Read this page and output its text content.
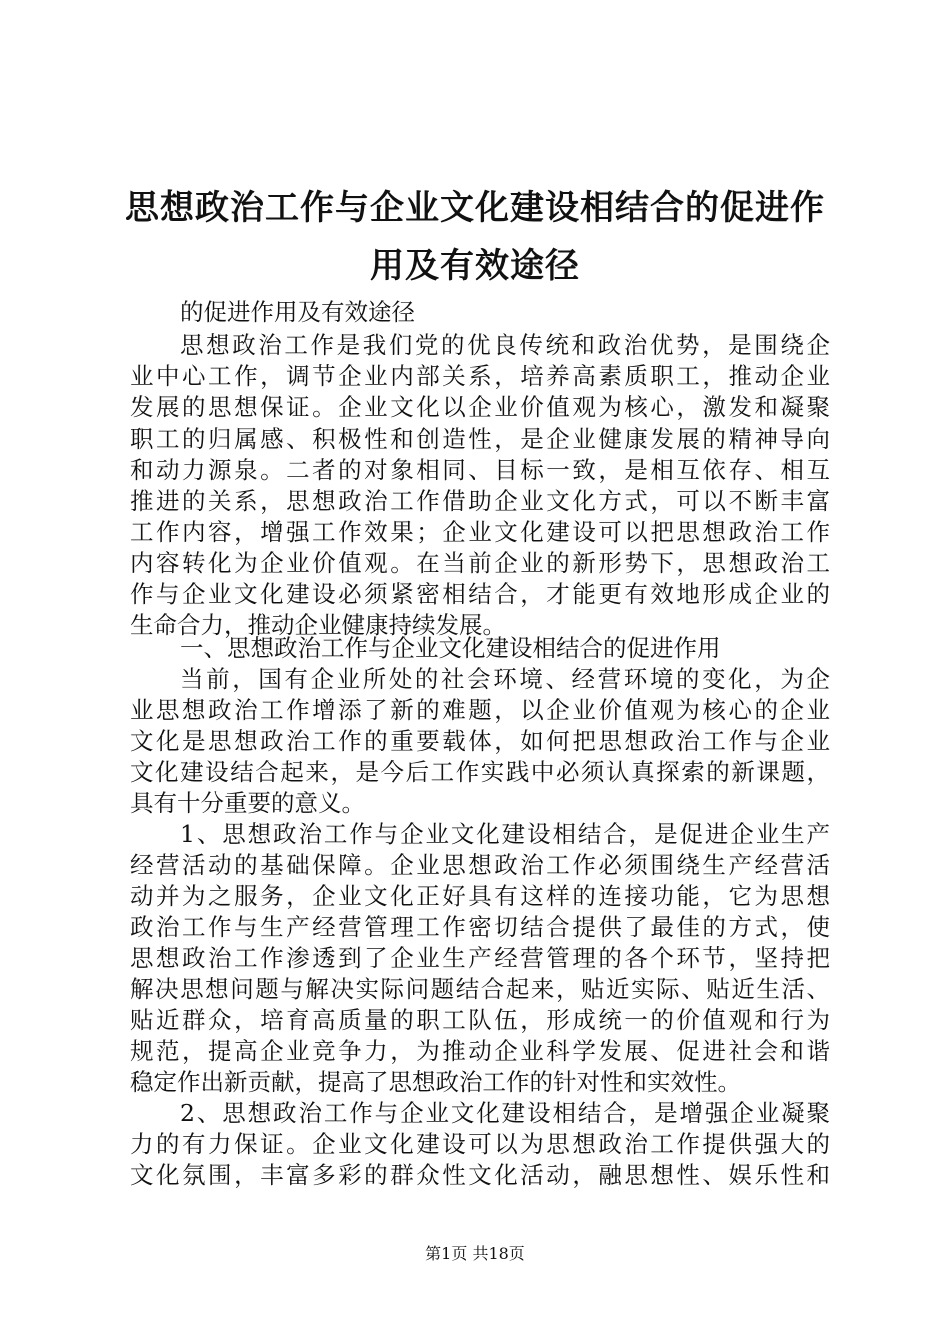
思想政治工作与企业文化建设相结合的促进作
用及有效途径
的促进作用及有效途径
思想政治工作是我们党的优良传统和政治优势，是围绕企
业中心工作，调节企业内部关系，培养高素质职工，推动企业
发展的思想保证。企业文化以企业价值观为核心，激发和凝聚
职工的归属感、积极性和创造性，是企业健康发展的精神导向
和动力源泉。二者的对象相同、目标一致，是相互依存、相互
推进的关系，思想政治工作借助企业文化方式，可以不断丰富
工作内容，增强工作效果；企业文化建设可以把思想政治工作
内容转化为企业价值观。在当前企业的新形势下，思想政治工
作与企业文化建设必须紧密相结合，才能更有效地形成企业的
生命合力，推动企业健康持续发展。
一、思想政治工作与企业文化建设相结合的促进作用
当前，国有企业所处的社会环境、经营环境的变化，为企
业思想政治工作增添了新的难题，以企业价值观为核心的企业
文化是思想政治工作的重要载体，如何把思想政治工作与企业
文化建设结合起来，是今后工作实践中必须认真探索的新课题，
具有十分重要的意义。
1、思想政治工作与企业文化建设相结合，是促进企业生产
经营活动的基础保障。企业思想政治工作必须围绕生产经营活
动并为之服务，企业文化正好具有这样的连接功能，它为思想
政治工作与生产经营管理工作密切结合提供了最佳的方式，使
思想政治工作渗透到了企业生产经营管理的各个环节，坚持把
解决思想问题与解决实际问题结合起来，贴近实际、贴近生活、
贴近群众，培育高质量的职工队伍，形成统一的价值观和行为
规范，提高企业竞争力，为推动企业科学发展、促进社会和谐
稳定作出新贡献，提高了思想政治工作的针对性和实效性。
2、思想政治工作与企业文化建设相结合，是增强企业凝聚
力的有力保证。企业文化建设可以为思想政治工作提供强大的
文化氛围，丰富多彩的群众性文化活动，融思想性、娱乐性和
第1页 共18页
